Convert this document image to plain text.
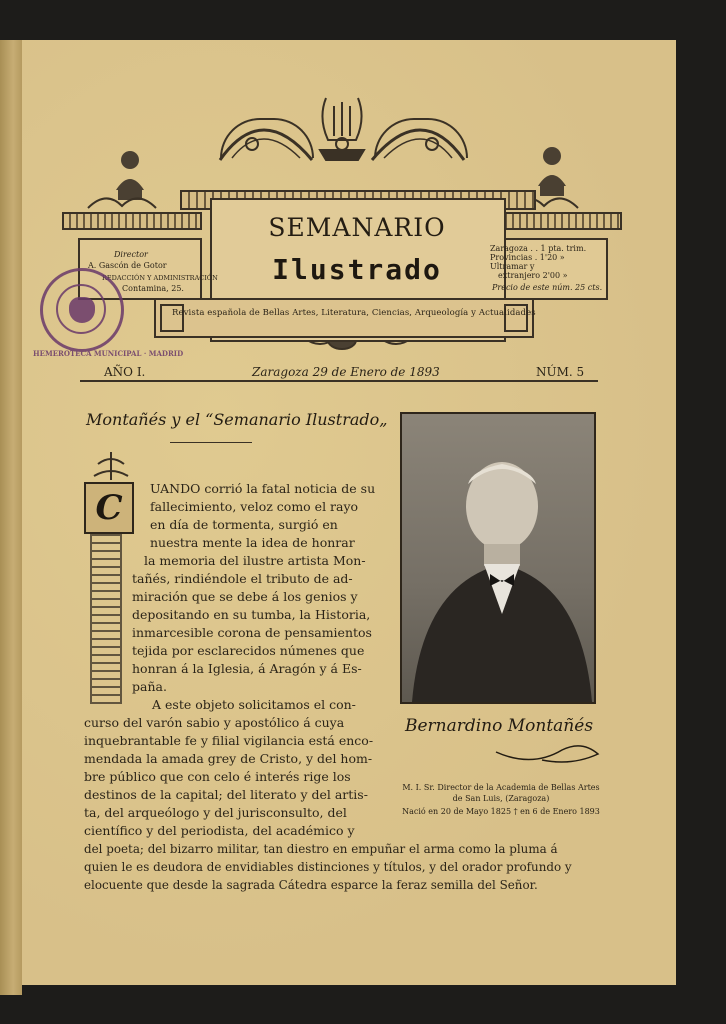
SEMANARIO
Ilustrado
Revista española de Bellas Artes, Literatura, Ciencias, Arqueología y Actualidades
Director
A. Gascón de Gotor
REDACCIÓN Y ADMINISTRACIÓN
Contamina, 25.
Zaragoza . . 1 pta. trim.
Provincias . 1'20 »
Ultramar y
extranjero 2'00 »
Precio de este núm. 25 cts.
HEMEROTECA MUNICIPAL · MADRID
AÑO I.	Zaragoza 29 de Enero de 1893	NÚM. 5
Montañés y el “Semanario Ilustrado„
C	UANDO corrió la fatal noticia de su
fallecimiento, veloz como el rayo
en día de tormenta, surgió en
nuestra mente la idea de honrar
la memoria del ilustre artista Mon-
tañés, rindiéndole el tributo de ad-
miración que se debe á los genios y
depositando en su tumba, la Historia,
inmarcesible corona de pensamientos
tejida por esclarecidos númenes que
honran á la Iglesia, á Aragón y á Es-
paña.
A este objeto solicitamos el con-
curso del varón sabio y apostólico á cuya
inquebrantable fe y filial vigilancia está enco-
mendada la amada grey de Cristo, y del hom-
bre público que con celo é interés rige los
destinos de la capital; del literato y del artis-
ta, del arqueólogo y del jurisconsulto, del
científico y del periodista, del académico y
del poeta; del bizarro militar, tan diestro en empuñar el arma como la pluma á
quien le es deudora de envidiables distinciones y títulos, y del orador profundo y
elocuente que desde la sagrada Cátedra esparce la feraz semilla del Señor.
Bernardino Montañés
M. I. Sr. Director de la Academia de Bellas Artes
de San Luis, (Zaragoza)
Nació en 20 de Mayo 1825 † en 6 de Enero 1893
